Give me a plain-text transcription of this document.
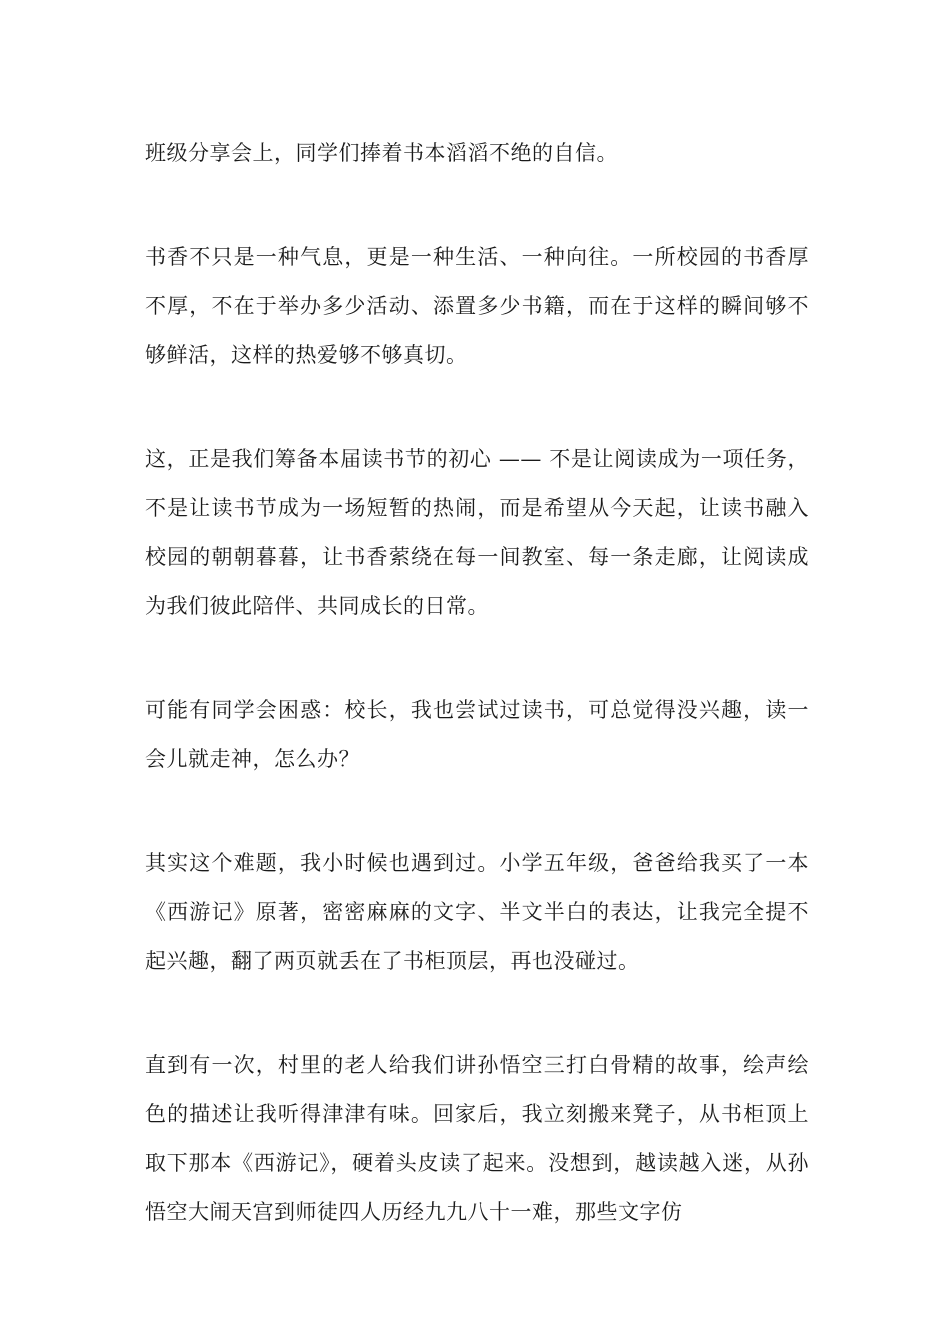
班级分享会上，同学们捧着书本滔滔不绝的自信。

书香不只是一种气息，更是一种生活、一种向往。一所校园的书香厚不厚，不在于举办多少活动、添置多少书籍，而在于这样的瞬间够不够鲜活，这样的热爱够不够真切。

这，正是我们筹备本届读书节的初心 —— 不是让阅读成为一项任务，不是让读书节成为一场短暂的热闹，而是希望从今天起，让读书融入校园的朝朝暮暮，让书香萦绕在每一间教室、每一条走廊，让阅读成为我们彼此陪伴、共同成长的日常。

可能有同学会困惑：校长，我也尝试过读书，可总觉得没兴趣，读一会儿就走神，怎么办？

其实这个难题，我小时候也遇到过。小学五年级，爸爸给我买了一本《西游记》原著，密密麻麻的文字、半文半白的表达，让我完全提不起兴趣，翻了两页就丢在了书柜顶层，再也没碰过。

直到有一次，村里的老人给我们讲孙悟空三打白骨精的故事，绘声绘色的描述让我听得津津有味。回家后，我立刻搬来凳子，从书柜顶上取下那本《西游记》，硬着头皮读了起来。没想到，越读越入迷，从孙悟空大闹天宫到师徒四人历经九九八十一难，那些文字仿
